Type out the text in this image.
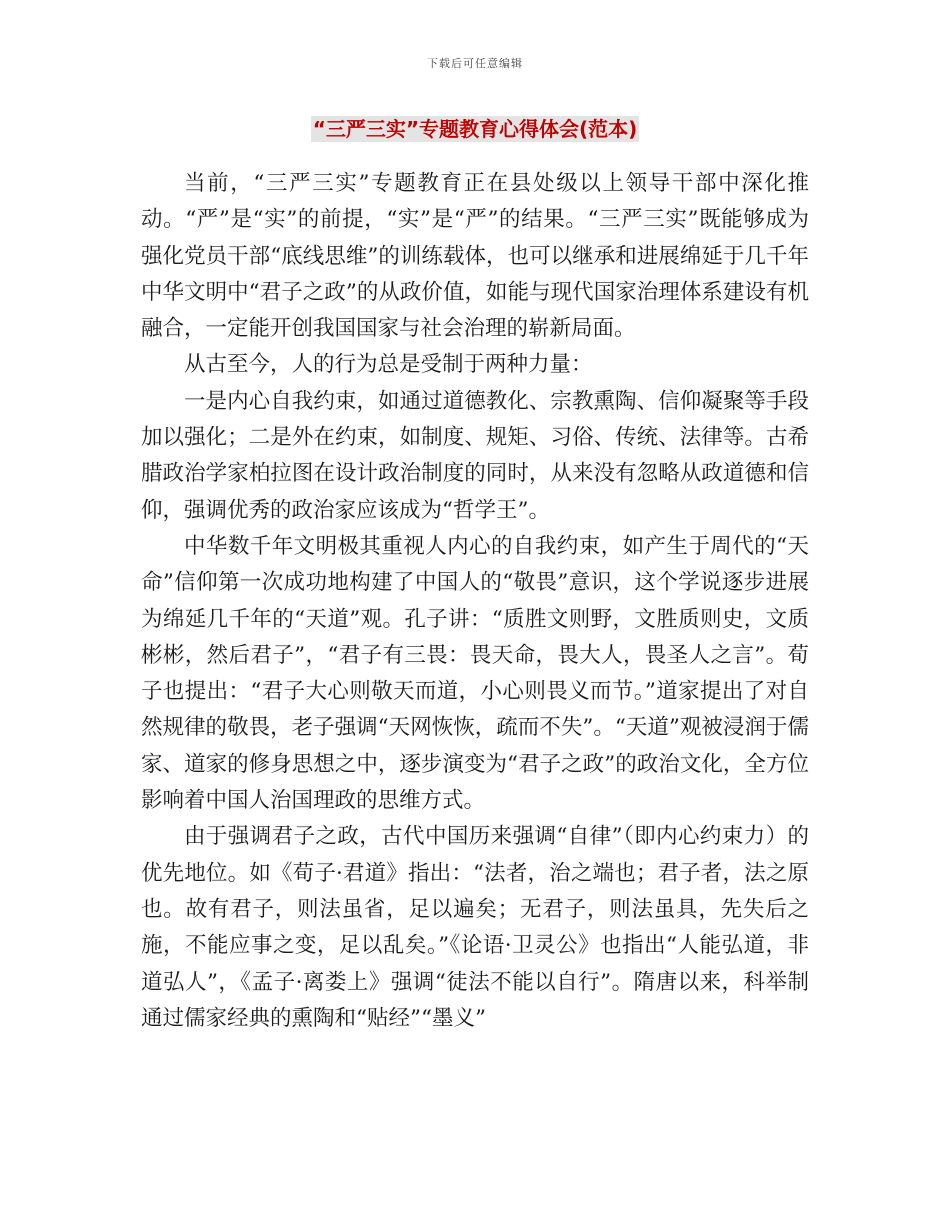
下载后可任意编辑
“三严三实”专题教育心得体会(范本)

当前，“三严三实”专题教育正在县处级以上领导干部中深化推动。“严”是“实”的前提，“实”是“严”的结果。“三严三实”既能够成为强化党员干部“底线思维”的训练载体，也可以继承和进展绵延于几千年中华文明中“君子之政”的从政价值，如能与现代国家治理体系建设有机融合，一定能开创我国国家与社会治理的崭新局面。

从古至今，人的行为总是受制于两种力量：

一是内心自我约束，如通过道德教化、宗教熏陶、信仰凝聚等手段加以强化；二是外在约束，如制度、规矩、习俗、传统、法律等。古希腊政治学家柏拉图在设计政治制度的同时，从来没有忽略从政道德和信仰，强调优秀的政治家应该成为“哲学王”。

中华数千年文明极其重视人内心的自我约束，如产生于周代的“天命”信仰第一次成功地构建了中国人的“敬畏”意识，这个学说逐步进展为绵延几千年的“天道”观。孔子讲：“质胜文则野，文胜质则史，文质彬彬，然后君子”，“君子有三畏：畏天命，畏大人，畏圣人之言”。荀子也提出：“君子大心则敬天而道，小心则畏义而节。”道家提出了对自然规律的敬畏，老子强调“天网恢恢，疏而不失”。“天道”观被浸润于儒家、道家的修身思想之中，逐步演变为“君子之政”的政治文化，全方位影响着中国人治国理政的思维方式。

由于强调君子之政，古代中国历来强调“自律”（即内心约束力）的优先地位。如《荀子·君道》指出：“法者，治之端也；君子者，法之原也。故有君子，则法虽省，足以遍矣；无君子，则法虽具，先失后之施，不能应事之变，足以乱矣。”《论语·卫灵公》也指出“人能弘道，非道弘人”，《孟子·离娄上》强调“徒法不能以自行”。隋唐以来，科举制通过儒家经典的熏陶和“贴经”“墨义”
